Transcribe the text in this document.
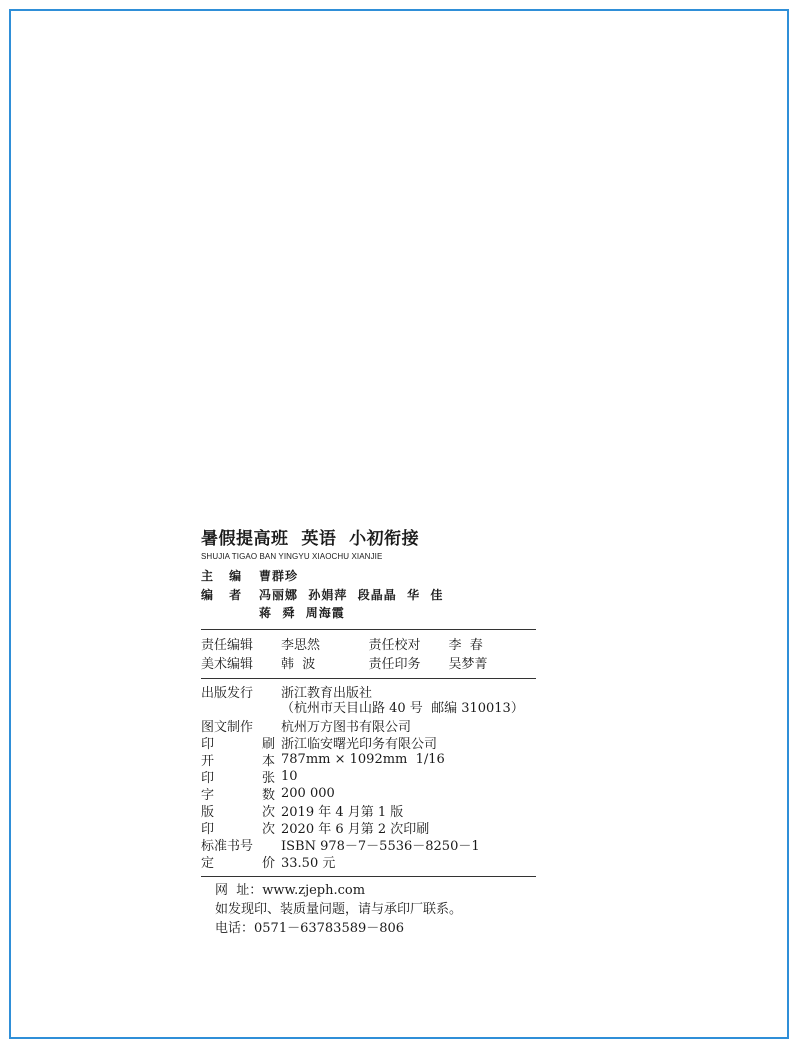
暑假提高班  英语  小初衔接
SHUJIA TIGAO BAN YINGYU XIAOCHU XIANJIE
主 编 曹群珍
编 者 冯丽娜  孙娟萍  段晶晶  华  佳
蒋  舜  周海霞
责任编辑	李思然	责任校对	李  春
美术编辑	韩  波	责任印务	吴梦菁
出版发行	浙江教育出版社
（杭州市天目山路 40 号  邮编 310013）
图文制作	杭州万方图书有限公司
印	刷 浙江临安曙光印务有限公司
开	本 787mm × 1092mm  1/16
印	张 10
字	数 200 000
版	次 2019 年 4 月第 1 版
印	次 2020 年 6 月第 2 次印刷
标准书号	ISBN 978－7－5536－8250－1
定	价 33.50 元
网  址：www.zjeph.com
如发现印、装质量问题，请与承印厂联系。
电话：0571－63783589－806
